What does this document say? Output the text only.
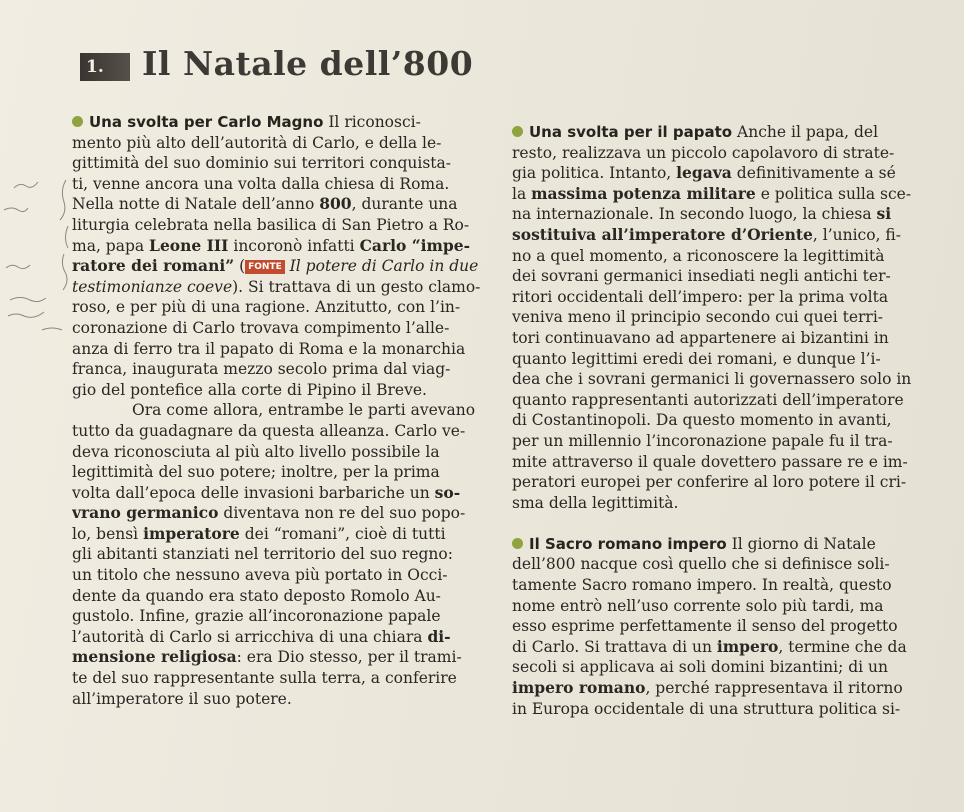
1.	Il Natale dell’800
Una svolta per Carlo Magno Il riconosci-
mento più alto dell’autorità di Carlo, e della le-
gittimità del suo dominio sui territori conquista-
ti, venne ancora una volta dalla chiesa di Roma.
Nella notte di Natale dell’anno 800, durante una
liturgia celebrata nella basilica di San Pietro a Ro-
ma, papa Leone III incoronò infatti Carlo “impe-
ratore dei romani” ( FONTE Il potere di Carlo in due
testimonianze coeve). Si trattava di un gesto clamo-
roso, e per più di una ragione. Anzitutto, con l’in-
coronazione di Carlo trovava compimento l’alle-
anza di ferro tra il papato di Roma e la monarchia
franca, inaugurata mezzo secolo prima dal viag-
gio del pontefice alla corte di Pipino il Breve.
Ora come allora, entrambe le parti avevano
tutto da guadagnare da questa alleanza. Carlo ve-
deva riconosciuta al più alto livello possibile la
legittimità del suo potere; inoltre, per la prima
volta dall’epoca delle invasioni barbariche un so-
vrano germanico diventava non re del suo popo-
lo, bensì imperatore dei “romani”, cioè di tutti
gli abitanti stanziati nel territorio del suo regno:
un titolo che nessuno aveva più portato in Occi-
dente da quando era stato deposto Romolo Au-
gustolo. Infine, grazie all’incoronazione papale
l’autorità di Carlo si arricchiva di una chiara di-
mensione religiosa: era Dio stesso, per il trami-
te del suo rappresentante sulla terra, a conferire
all’imperatore il suo potere.
Una svolta per il papato Anche il papa, del
resto, realizzava un piccolo capolavoro di strate-
gia politica. Intanto, legava definitivamente a sé
la massima potenza militare e politica sulla sce-
na internazionale. In secondo luogo, la chiesa si
sostituiva all’imperatore d’Oriente, l’unico, fi-
no a quel momento, a riconoscere la legittimità
dei sovrani germanici insediati negli antichi ter-
ritori occidentali dell’impero: per la prima volta
veniva meno il principio secondo cui quei terri-
tori continuavano ad appartenere ai bizantini in
quanto legittimi eredi dei romani, e dunque l’i-
dea che i sovrani germanici li governassero solo in
quanto rappresentanti autorizzati dell’imperatore
di Costantinopoli. Da questo momento in avanti,
per un millennio l’incoronazione papale fu il tra-
mite attraverso il quale dovettero passare re e im-
peratori europei per conferire al loro potere il cri-
sma della legittimità.
Il Sacro romano impero Il giorno di Natale
dell’800 nacque così quello che si definisce soli-
tamente Sacro romano impero. In realtà, questo
nome entrò nell’uso corrente solo più tardi, ma
esso esprime perfettamente il senso del progetto
di Carlo. Si trattava di un impero, termine che da
secoli si applicava ai soli domini bizantini; di un
impero romano, perché rappresentava il ritorno
in Europa occidentale di una struttura politica si-
